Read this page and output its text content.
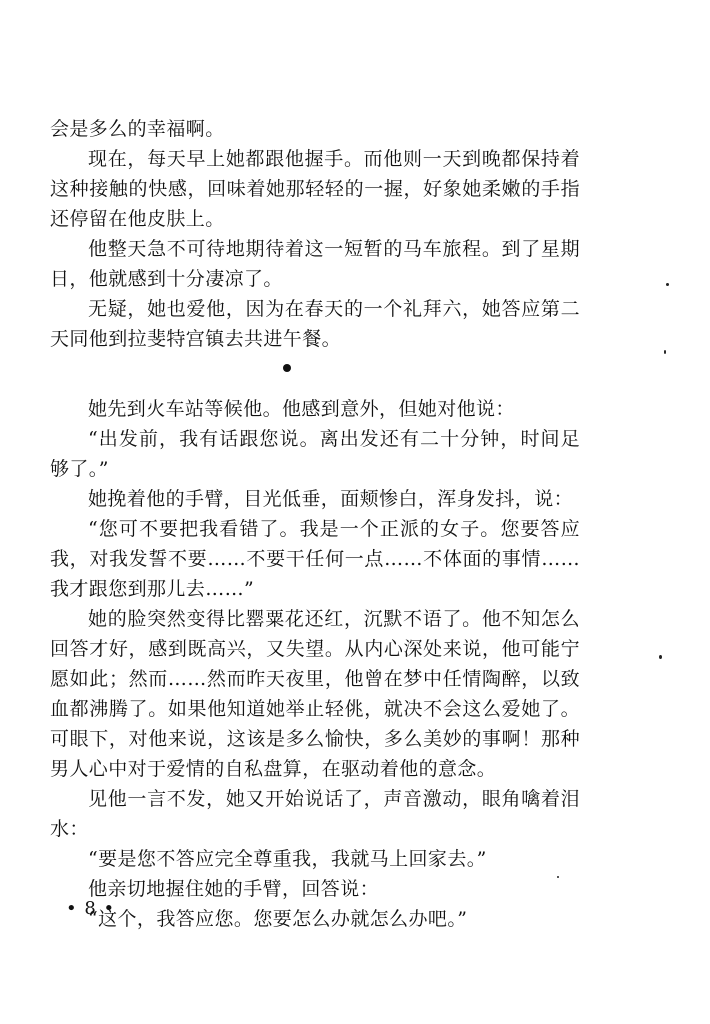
会是多么的幸福啊。

现在，每天早上她都跟他握手。而他则一天到晚都保持着这种接触的快感，回味着她那轻轻的一握，好象她柔嫩的手指还停留在他皮肤上。

他整天急不可待地期待着这一短暂的马车旅程。到了星期日，他就感到十分凄凉了。

无疑，她也爱他，因为在春天的一个礼拜六，她答应第二天同他到拉斐特宫镇去共进午餐。

她先到火车站等候他。他感到意外，但她对他说：

“出发前，我有话跟您说。离出发还有二十分钟，时间足够了。”

她挽着他的手臂，目光低垂，面颊惨白，浑身发抖，说：

“您可不要把我看错了。我是一个正派的女子。您要答应我，对我发誓不要……不要干任何一点……不体面的事情……我才跟您到那儿去……”

她的脸突然变得比罂粟花还红，沉默不语了。他不知怎么回答才好，感到既高兴，又失望。从内心深处来说，他可能宁愿如此；然而……然而昨天夜里，他曾在梦中任情陶醉，以致血都沸腾了。如果他知道她举止轻佻，就决不会这么爱她了。可眼下，对他来说，这该是多么愉快，多么美妙的事啊！那种男人心中对于爱情的自私盘算，在驱动着他的意念。

见他一言不发，她又开始说话了，声音激动，眼角噙着泪水：

“要是您不答应完全尊重我，我就马上回家去。”

他亲切地握住她的手臂，回答说：

“这个，我答应您。您要怎么办就怎么办吧。”

• 8 •
